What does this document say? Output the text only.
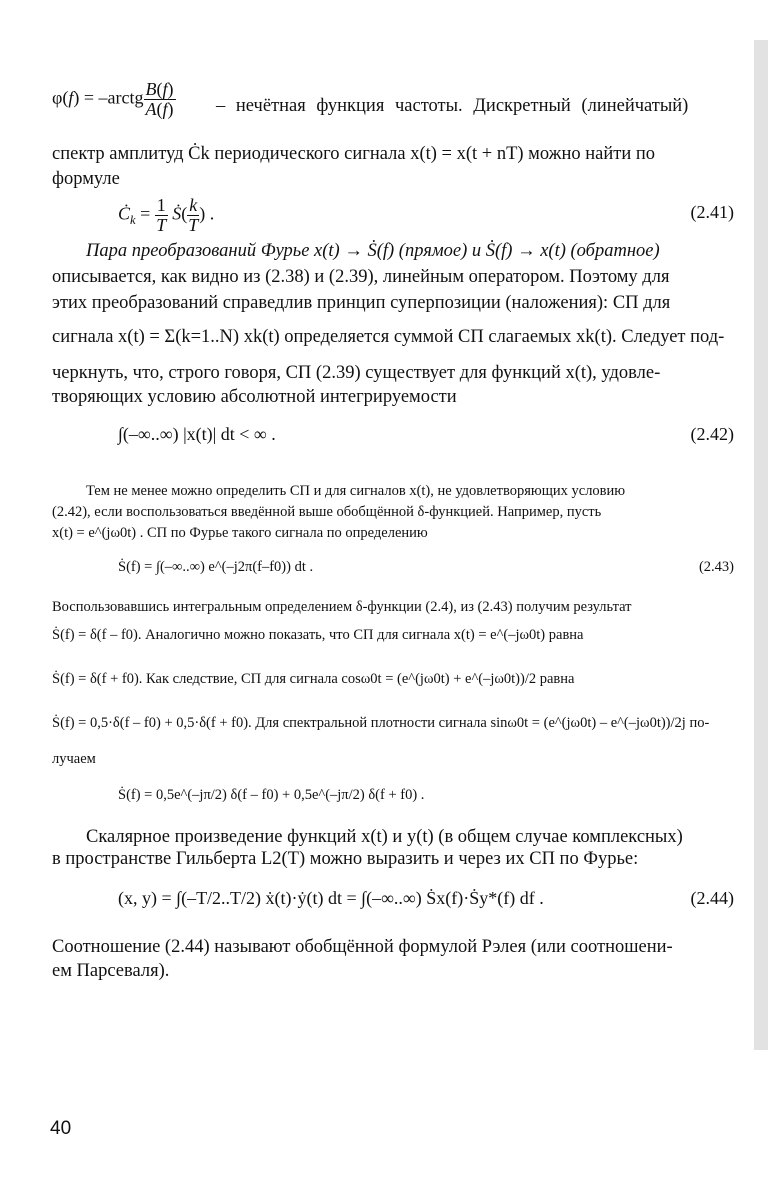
φ(f) = –arctg $\frac{B(f)}{A(f)}$ – нечётная функция частоты. Дискретный (линейчатый)
спектр амплитуд Ċk периодического сигнала x(t) = x(t + nT) можно найти по
формуле
$Ċ_k = \frac{1}{T}$ Ṡ( $\frac{k}{T}$ ) .	(2.41)
Пара преобразований Фурье x(t) → Ṡ(f) (прямое) и Ṡ(f) → x(t) (обратное)
описывается, как видно из (2.38) и (2.39), линейным оператором. Поэтому для
этих преобразований справедлив принцип суперпозиции (наложения): СП для
сигнала x(t) = Σ(k=1..N) xk(t) определяется суммой СП слагаемых xk(t). Следует под-
черкнуть, что, строго говоря, СП (2.39) существует для функций x(t), удовле-
творяющих условию абсолютной интегрируемости
∫(–∞..∞) |x(t)| dt < ∞ .	(2.42)
Тем не менее можно определить СП и для сигналов x(t), не удовлетворяющих условию
(2.42), если воспользоваться введённой выше обобщённой δ-функцией. Например, пусть
x(t) = e^(jω0t) . СП по Фурье такого сигнала по определению
Ṡ(f) = ∫(–∞..∞) e^(–j2π(f–f0)) dt .	(2.43)
Воспользовавшись интегральным определением δ-функции (2.4), из (2.43) получим результат
Ṡ(f) = δ(f – f0). Аналогично можно показать, что СП для сигнала x(t) = e^(–jω0t) равна
Ṡ(f) = δ(f + f0). Как следствие, СП для сигнала cosω0t = (e^(jω0t) + e^(–jω0t))/2 равна
Ṡ(f) = 0,5·δ(f – f0) + 0,5·δ(f + f0). Для спектральной плотности сигнала sinω0t = (e^(jω0t) – e^(–jω0t))/2j по-
лучаем
Ṡ(f) = 0,5e^(–jπ/2) δ(f – f0) + 0,5e^(–jπ/2) δ(f + f0) .
Скалярное произведение функций x(t) и y(t) (в общем случае комплексных)
в пространстве Гильберта L2(T) можно выразить и через их СП по Фурье:
(x, y) = ∫(–T/2..T/2) ẋ(t)·ẏ(t) dt = ∫(–∞..∞) Ṡx(f)·Ṡy*(f) df .	(2.44)
Соотношение (2.44) называют обобщённой формулой Рэлея (или соотношени-
ем Парсеваля).
40
